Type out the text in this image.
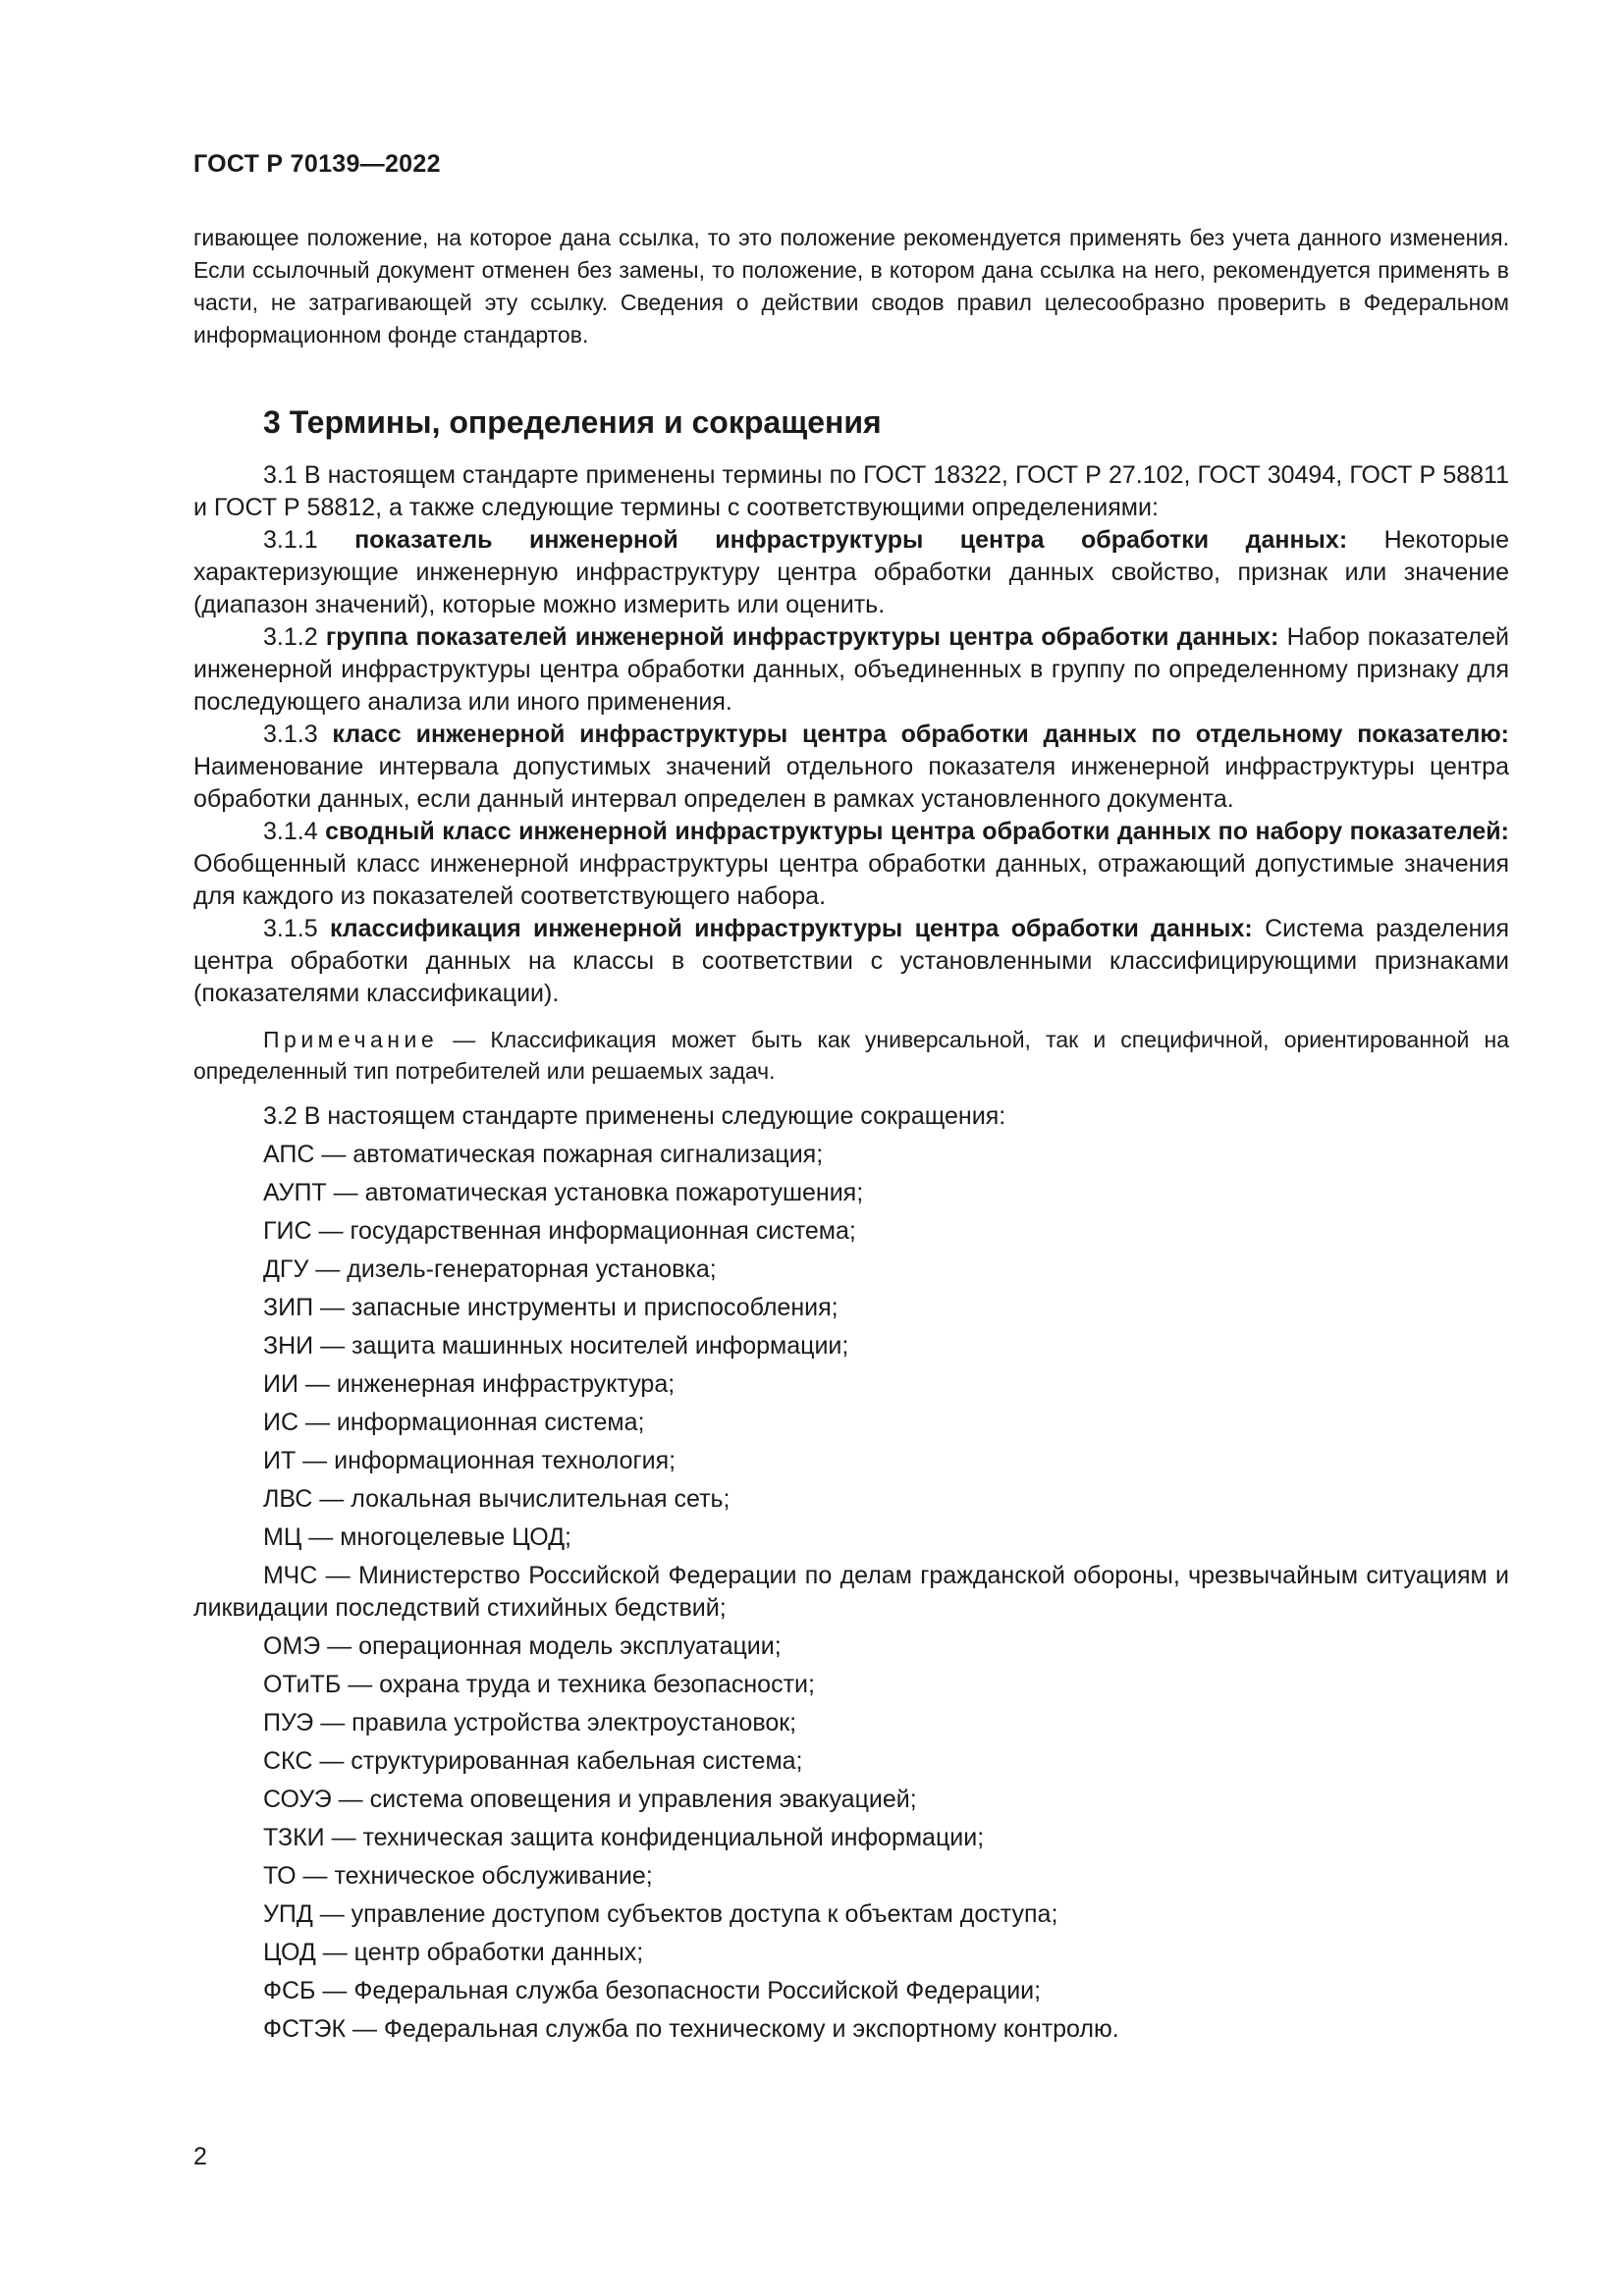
ГОСТ Р 70139—2022
гивающее положение, на которое дана ссылка, то это положение рекомендуется применять без учета данного изменения. Если ссылочный документ отменен без замены, то положение, в котором дана ссылка на него, рекомендуется применять в части, не затрагивающей эту ссылку. Сведения о действии сводов правил целесообразно проверить в Федеральном информационном фонде стандартов.
3 Термины, определения и сокращения

3.1 В настоящем стандарте применены термины по ГОСТ 18322, ГОСТ Р 27.102, ГОСТ 30494, ГОСТ Р 58811 и ГОСТ Р 58812, а также следующие термины с соответствующими определениями:

3.1.1 показатель инженерной инфраструктуры центра обработки данных: Некоторые характеризующие инженерную инфраструктуру центра обработки данных свойство, признак или значение (диапазон значений), которые можно измерить или оценить.

3.1.2 группа показателей инженерной инфраструктуры центра обработки данных: Набор показателей инженерной инфраструктуры центра обработки данных, объединенных в группу по определенному признаку для последующего анализа или иного применения.

3.1.3 класс инженерной инфраструктуры центра обработки данных по отдельному показателю: Наименование интервала допустимых значений отдельного показателя инженерной инфраструктуры центра обработки данных, если данный интервал определен в рамках установленного документа.

3.1.4 сводный класс инженерной инфраструктуры центра обработки данных по набору показателей: Обобщенный класс инженерной инфраструктуры центра обработки данных, отражающий допустимые значения для каждого из показателей соответствующего набора.

3.1.5 классификация инженерной инфраструктуры центра обработки данных: Система разделения центра обработки данных на классы в соответствии с установленными классифицирующими признаками (показателями классификации).

Примечание — Классификация может быть как универсальной, так и специфичной, ориентированной на определенный тип потребителей или решаемых задач.

3.2 В настоящем стандарте применены следующие сокращения:

АПС — автоматическая пожарная сигнализация;
АУПТ — автоматическая установка пожаротушения;
ГИС — государственная информационная система;
ДГУ — дизель-генераторная установка;
ЗИП — запасные инструменты и приспособления;
ЗНИ — защита машинных носителей информации;
ИИ — инженерная инфраструктура;
ИС — информационная система;
ИТ — информационная технология;
ЛВС — локальная вычислительная сеть;
МЦ — многоцелевые ЦОД;
МЧС — Министерство Российской Федерации по делам гражданской обороны, чрезвычайным ситуациям и ликвидации последствий стихийных бедствий;
ОМЭ — операционная модель эксплуатации;
ОТиТБ — охрана труда и техника безопасности;
ПУЭ — правила устройства электроустановок;
СКС — структурированная кабельная система;
СОУЭ — система оповещения и управления эвакуацией;
ТЗКИ — техническая защита конфиденциальной информации;
ТО — техническое обслуживание;
УПД — управление доступом субъектов доступа к объектам доступа;
ЦОД — центр обработки данных;
ФСБ — Федеральная служба безопасности Российской Федерации;
ФСТЭК — Федеральная служба по техническому и экспортному контролю.
2
